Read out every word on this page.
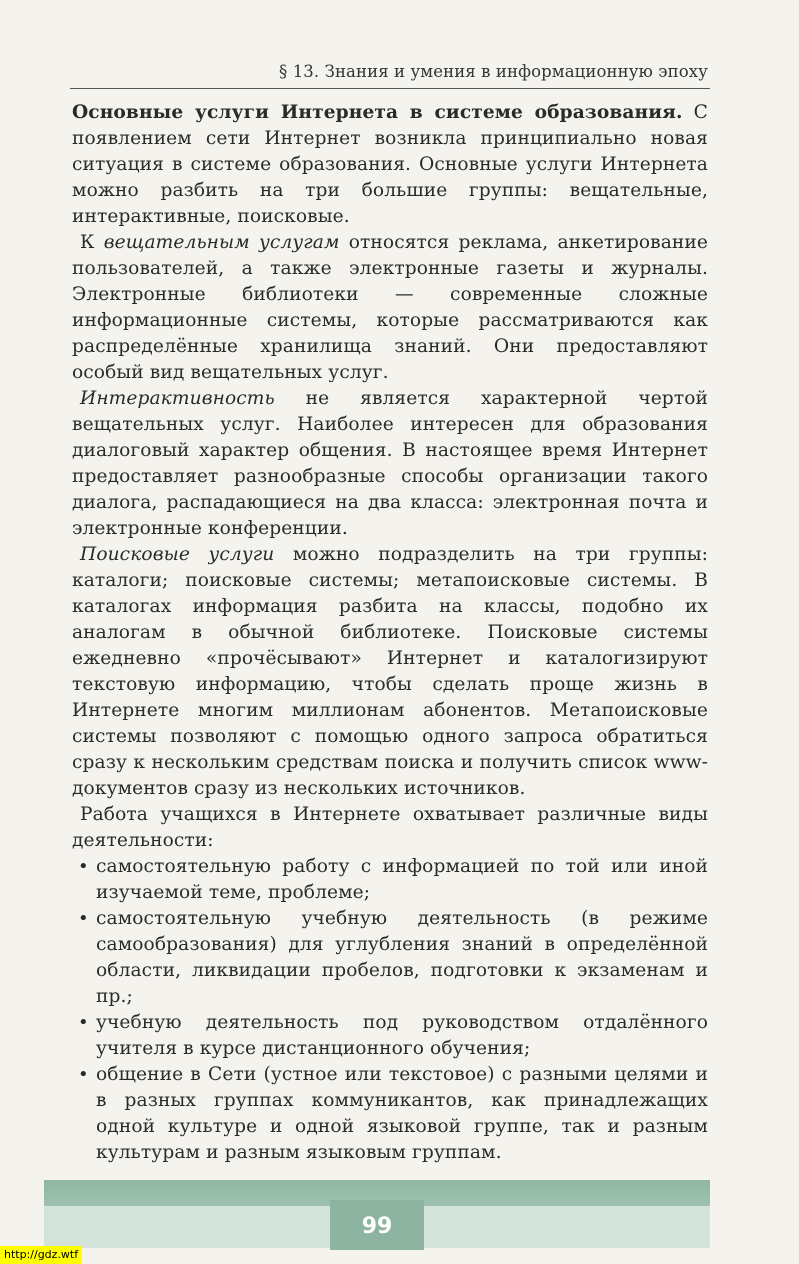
§ 13. Знания и умения в информационную эпоху

Основные услуги Интернета в системе образования. С появлением сети Интернет возникла принципиально новая ситуация в системе образования. Основные услуги Интернета можно разбить на три большие группы: вещательные, интерактивные, поисковые.

К вещательным услугам относятся реклама, анкетирование пользователей, а также электронные газеты и журналы. Электронные библиотеки — современные сложные информационные системы, которые рассматриваются как распределённые хранилища знаний. Они предоставляют особый вид вещательных услуг.

Интерактивность не является характерной чертой вещательных услуг. Наиболее интересен для образования диалоговый характер общения. В настоящее время Интернет предоставляет разнообразные способы организации такого диалога, распадающиеся на два класса: электронная почта и электронные конференции.

Поисковые услуги можно подразделить на три группы: каталоги; поисковые системы; метапоисковые системы. В каталогах информация разбита на классы, подобно их аналогам в обычной библиотеке. Поисковые системы ежедневно «прочёсывают» Интернет и каталогизируют текстовую информацию, чтобы сделать проще жизнь в Интернете многим миллионам абонентов. Метапоисковые системы позволяют с помощью одного запроса обратиться сразу к нескольким средствам поиска и получить список www-документов сразу из нескольких источников.

Работа учащихся в Интернете охватывает различные виды деятельности:

• самостоятельную работу с информацией по той или иной изучаемой теме, проблеме;
• самостоятельную учебную деятельность (в режиме самообразования) для углубления знаний в определённой области, ликвидации пробелов, подготовки к экзаменам и пр.;
• учебную деятельность под руководством отдалённого учителя в курсе дистанционного обучения;
• общение в Сети (устное или текстовое) с разными целями и в разных группах коммуникантов, как принадлежащих одной культуре и одной языковой группе, так и разным культурам и разным языковым группам.
99
http://gdz.wtf
